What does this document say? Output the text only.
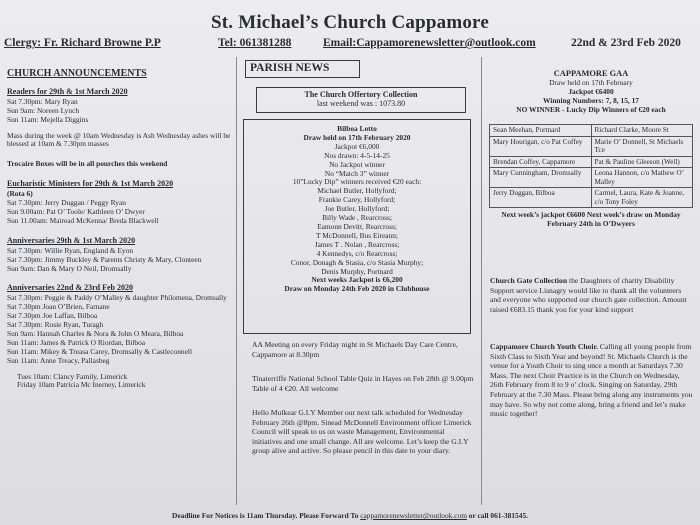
St. Michael’s Church Cappamore
Clergy: Fr. Richard Browne P.P	Tel: 061381288	Email:Cappamorenewsletter@outlook.com	22nd & 23rd Feb 2020
CHURCH ANNOUNCEMENTS
Readers for 29th & 1st March 2020

Sat 7.30pm: Mary Ryan

Sun 9am: Noreen Lynch

Sun 11am: Mejella Diggins

Mass during the week @ 10am Wednesday is Ash Wednesday ashes will be blessed at 10am & 7.30pm masses

Trocaire Boxes will be in all pourches this weekend

Eucharistic Ministers for 29th & 1st March 2020

(Rota 6)

Sat 7.30pm: Jerry Duggan / Peggy Ryan

Sun 9.00am: Pat O’ Toole/ Kathleen O’ Dwyer

Sun 11.00am: Mairead McKenna/ Breda Blackwell

Anniversaries 29th & 1st March 2020

Sat 7.30pm: Willie Ryan, England & Eyon

Sat 7.30pm: Jimmy Buckley & Parents Christy & Mary, Clonteen

Sun 9am: Dan & Mary O Neil, Dromsally

Anniversaries 22nd & 23rd Feb 2020

Sat 7.30pm: Peggie & Paddy O’Malley & daughter Philomena, Dromsally

Sat 7.30pm Joan O’Brien, Farnane

Sat 7.30pm Joe Laffan, Bilboa

Sat 7.30pm: Rosie Ryan, Turagh

Sun 9am: Hannah Charles & Nora & John O Meara, Bilboa

Sun 11am: James & Patrick O Riordan, Bilboa

Sun 11am: Mikey & Treasa Carey, Dromsally & Castleconnell

Sun 11am: Anne Treacy, Pallasbeg

Tues 10am: Clancy Family, Limerick

Friday 10am Patricia Mc Inerney, Limerick

PARISH NEWS

The Church Offertory Collection

last weekend was : 1073.80

Bilboa Lotto

Draw held on 17th February 2020

Jackpot €6,000

Nos drawn: 4-5-14-25

No Jackpot winner

No “Match 3” winner

10”Lucky Dip” winners received €20 each:

Michael Butler, Hollyford;

Frankie Carey, Hollyford;

Joe Butler, Hollyford;

Billy Wade , Rearcross;

Eamonn Devitt, Rearcross;

T McDonnell, Bus Eireann;

James T . Nolan , Rearcross;

4 Kennedys, c/o Rearcross;

Conor, Donagh & Stasia, c/o Stasia Murphy;

Denis Murphy, Portnard

Next weeks Jackpot is €6,200

Draw on Monday 24th Feb 2020 in Clubhouse

AA Meeting on every Friday night in St Michaels Day Care Centre, Cappamore at 8.30pm
Tinaterriffe National School Table Quiz in Hayes on Feb 28th @ 9.00pm Table of 4 €20. All welcome
Hello Mulkear G.I.Y Member our next talk scheduled for Wednesday February 26th @8pm. Sinead McDonnell Environment officer Limerick Council will speak to us on waste Management, Environmental initiatives and one small change. All are welcome. Let’s keep the G.I.Y group alive and active. So please pencil in this date to your diary.

CAPPAMORE GAA

Draw held on 17th February

Jackpot €6400

Winning Numbers: 7, 8, 15, 17

NO WINNER - Lucky Dip Winners of €20 each

Sean Meehan, Portnard	Richard Clarke, Moore St
Mary Hourigan, c/o Pat Coffey	Marie O’ Donnell, St Michaels Tce
Brendan Coffey, Cappamore	Pat & Pauline Gleeson (Well)
Mary Cunningham, Dromsally	Leona Hannon, c/o Mathew O’ Malley
Jerry Duggan, Bilboa	Carmel, Laura, Kate & Joanne, c/o Tony Foley

Next week’s jackpot €6600 Next week’s draw on Monday February 24th in O’Dwyers

Church Gate Collection the Daughters of charity Disability Support service Lisnagry would like to thank all the volunteers and everyone who supported our church gate collection. Amount raised €683.15 thank you for your kind support
Cappamore Church Youth Choir. Calling all young people from Sixth Class to Sixth Year and beyond! St. Michaels Church is the venue for a Youth Choir to sing once a month at Saturdays 7.30 Mass. The next Choir Practice is in the Church on Wednesday, 26th February from 8 to 9 o’ clock. Singing on Saturday, 29th February at the 7.30 Mass. Please bring along any instruments you may have. So why not come along, bring a friend and let’s make music together!
Deadline For Notices is 11am Thursday. Please Forward To cappamorenewsletter@outlook.com or call 061-381545.
